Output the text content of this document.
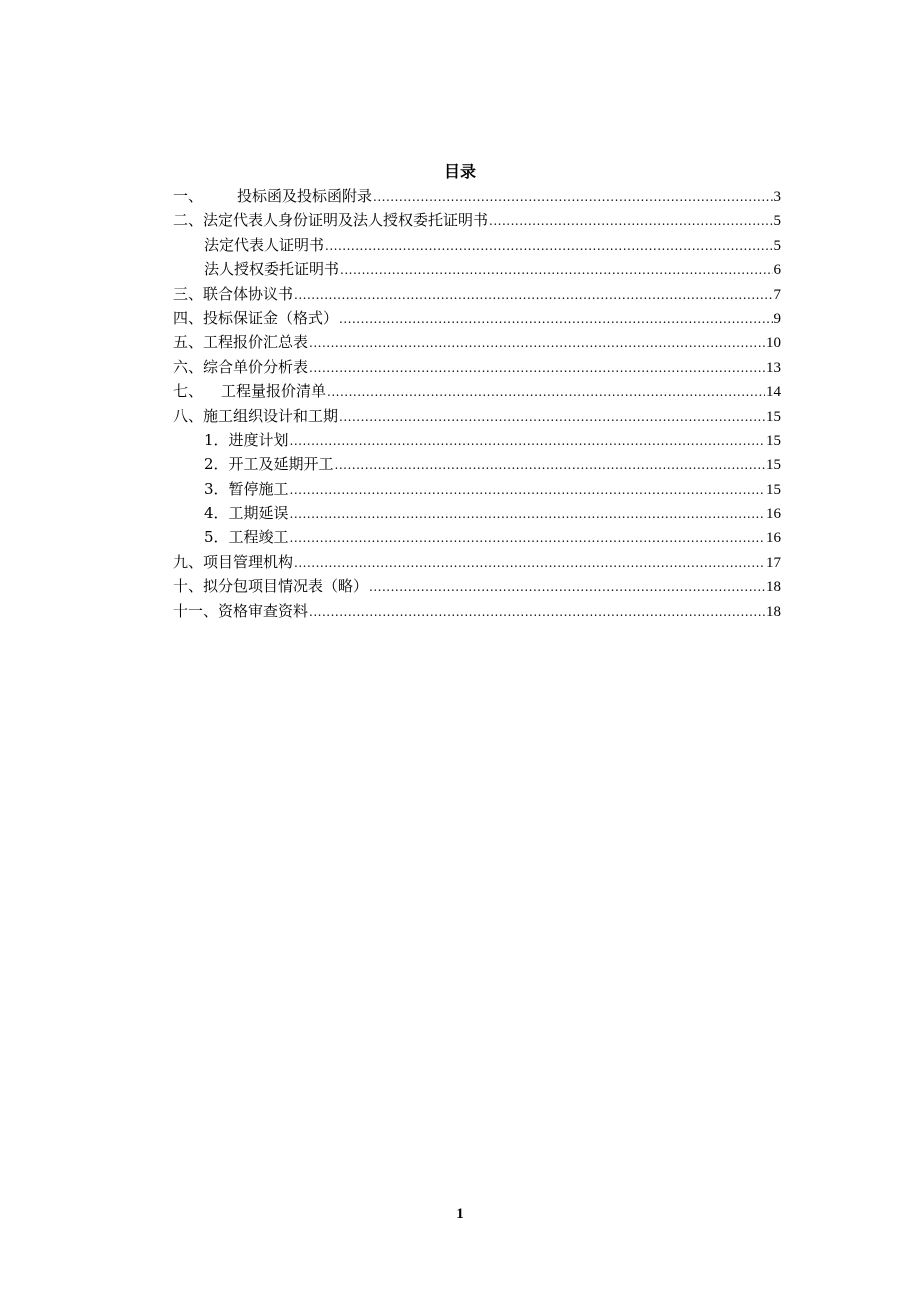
目录
一、 投标函及投标函附录 .....	3
二、法定代表人身份证明及法人授权委托证明书 .....	5
法定代表人证明书 .....	5
法人授权委托证明书 .....	6
三、联合体协议书 .....	7
四、投标保证金（格式） .....	9
五、工程报价汇总表 .....	10
六、综合单价分析表 .....	13
七、 工程量报价清单 .....	14
八、施工组织设计和工期 .....	15
1．进度计划 .....	15
2．开工及延期开工 .....	15
3．暂停施工 .....	15
4．工期延误 .....	16
5．工程竣工 .....	16
九、项目管理机构 .....	17
十、拟分包项目情况表（略） .....	18
十一、资格审查资料 .....	18
1
